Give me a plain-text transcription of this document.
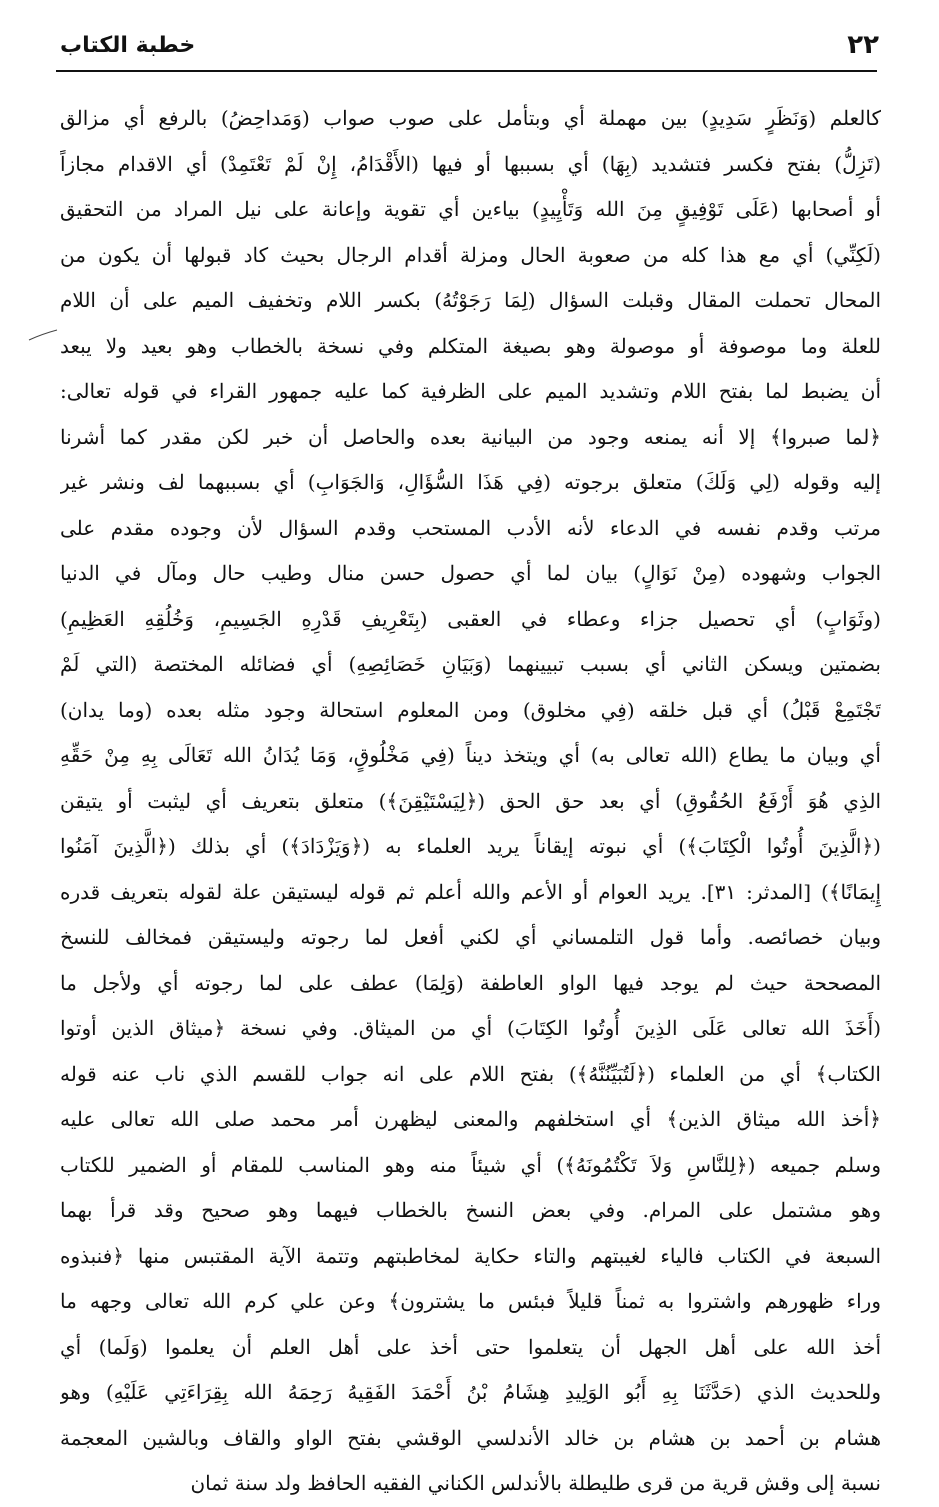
٢٢
خطبة الكتاب
كالعلم (وَنَظَرٍ سَدِيدٍ) بين مهملة أي وبتأمل على صوب صواب (وَمَداحِضُ) بالرفع أي مزالق
(تَزِلُّ) بفتح فكسر فتشديد (بِهَا) أي بسببها أو فيها (الأَقْدَامُ، إِنْ لَمْ تَعْتَمِدْ) أي الاقدام مجازاً
أو أصحابها (عَلَى تَوْفِيقٍ مِنَ الله وَتَأْيِيدٍ) بياءين أي تقوية وإعانة على نيل المراد من التحقيق
(لَكِنِّي) أي مع هذا كله من صعوبة الحال ومزلة أقدام الرجال بحيث كاد قبولها أن يكون من
المحال تحملت المقال وقبلت السؤال (لِمَا رَجَوْتُهُ) بكسر اللام وتخفيف الميم على أن اللام
للعلة وما موصوفة أو موصولة وهو بصيغة المتكلم وفي نسخة بالخطاب وهو بعيد ولا يبعد
أن يضبط لما بفتح اللام وتشديد الميم على الظرفية كما عليه جمهور القراء في قوله تعالى:
﴿لما صبروا﴾ إلا أنه يمنعه وجود من البيانية بعده والحاصل أن خبر لكن مقدر كما أشرنا
إليه وقوله (لِي وَلَكَ) متعلق برجوته (فِي هَذَا السُّؤَالِ، وَالجَوَابِ) أي بسببهما لف ونشر غير
مرتب وقدم نفسه في الدعاء لأنه الأدب المستحب وقدم السؤال لأن وجوده مقدم على
الجواب وشهوده (مِنْ نَوَالٍ) بيان لما أي حصول حسن منال وطيب حال ومآل في الدنيا
(وثَوَابٍ) أي تحصيل جزاء وعطاء في العقبى (بِتَعْرِيفِ قَدْرِهِ الجَسِيمِ، وَخُلُقِهِ العَظِيمِ)
بضمتين ويسكن الثاني أي بسبب تبيينهما (وَبَيَانِ خَصَائِصِهِ) أي فضائله المختصة (التي لَمْ
تَجْتَمِعْ قَبْلُ) أي قبل خلقه (فِي مخلوق) ومن المعلوم استحالة وجود مثله بعده (وما يدان)
أي وبيان ما يطاع (الله تعالى به) أي ويتخذ ديناً (فِي مَخْلُوقٍ، وَمَا يُدَانُ الله تَعَالَى بِهِ مِنْ حَقِّهِ
الذِي هُوَ أَرْفَعُ الحُقُوقِ) أي بعد حق الحق (﴿لِيَسْتَيْقِنَ﴾) متعلق بتعريف أي ليثبت أو يتيقن
(﴿الَّذِينَ أُوتُوا الْكِتَابَ﴾) أي نبوته إيقاناً يريد العلماء به (﴿وَيَزْدَادَ﴾) أي بذلك (﴿الَّذِينَ آمَنُوا
إِيمَانًا﴾) [المدثر: ٣١]. يريد العوام أو الأعم والله أعلم ثم قوله ليستيقن علة لقوله بتعريف قدره
وبيان خصائصه. وأما قول التلمساني أي لكني أفعل لما رجوته وليستيقن فمخالف للنسخ
المصححة حيث لم يوجد فيها الواو العاطفة (وَلِمَا) عطف على لما رجوته أي ولأجل ما
(أَخَذَ الله تعالى عَلَى الذِينَ أُوتُوا الكِتَابَ) أي من الميثاق. وفي نسخة ﴿ميثاق الذين أوتوا
الكتاب﴾ أي من العلماء (﴿لَتُبَيِّنُنَّهُ﴾) بفتح اللام على انه جواب للقسم الذي ناب عنه قوله
﴿أخذ الله ميثاق الذين﴾ أي استخلفهم والمعنى ليظهرن أمر محمد صلى الله تعالى عليه
وسلم جميعه (﴿لِلنَّاسِ وَلاَ تَكْتُمُونَهُ﴾) أي شيئاً منه وهو المناسب للمقام أو الضمير للكتاب
وهو مشتمل على المرام. وفي بعض النسخ بالخطاب فيهما وهو صحيح وقد قرأ بهما
السبعة في الكتاب فالياء لغيبتهم والتاء حكاية لمخاطبتهم وتتمة الآية المقتبس منها ﴿فنبذوه
وراء ظهورهم واشتروا به ثمناً قليلاً فبئس ما يشترون﴾ وعن علي كرم الله تعالى وجهه ما
أخذ الله على أهل الجهل أن يتعلموا حتى أخذ على أهل العلم أن يعلموا (وَلَما) أي
وللحديث الذي (حَدَّثَنَا بِهِ أَبُو الوَلِيدِ هِشَامُ بْنُ أَحْمَدَ الفَقِيهُ رَحِمَهُ الله بِقِرَاءَتِي عَلَيْهِ) وهو
هشام بن أحمد بن هشام بن خالد الأندلسي الوقشي بفتح الواو والقاف وبالشين المعجمة
نسبة إلى وقش قرية من قرى طليطلة بالأندلس الكناني الفقيه الحافظ ولد سنة ثمان
